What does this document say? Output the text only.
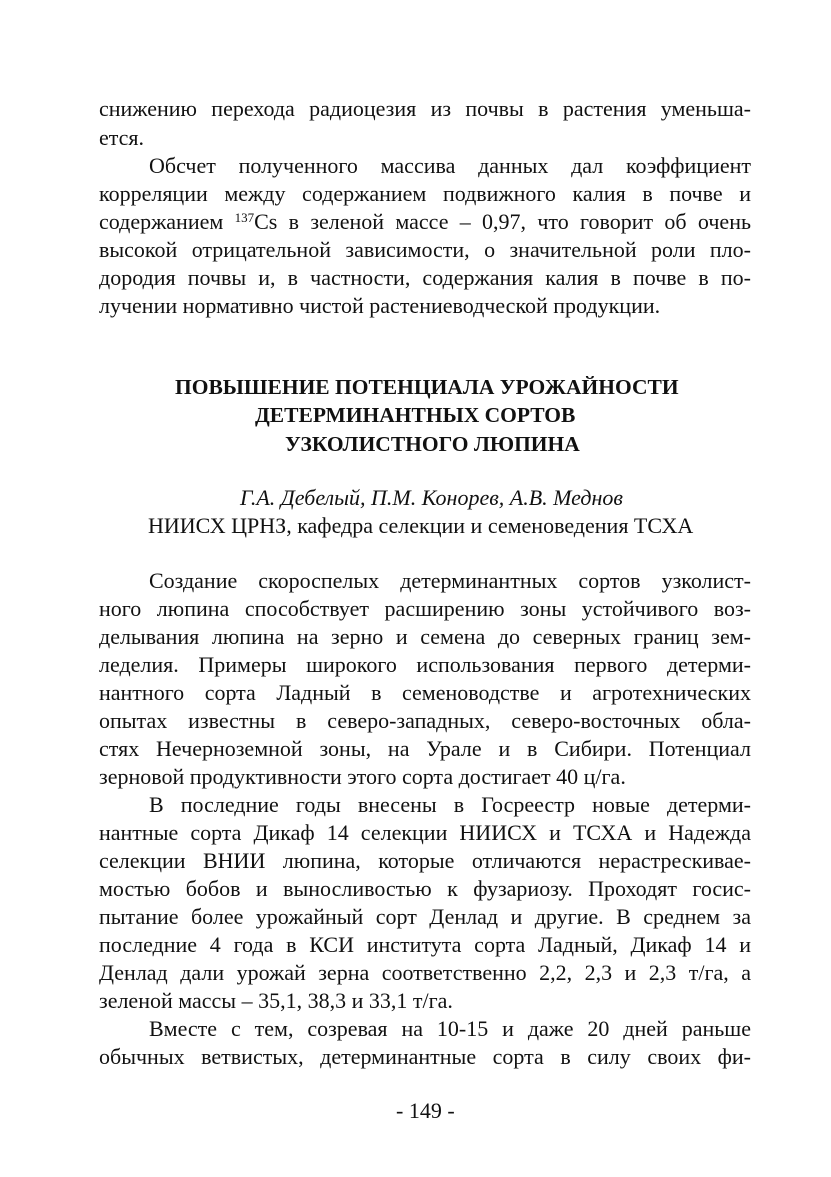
снижению перехода радиоцезия из почвы в растения уменьша-
ется.
Обсчет полученного массива данных дал коэффициент
корреляции между содержанием подвижного калия в почве и
содержанием $^{137}$Cs в зеленой массе – 0,97, что говорит об очень
высокой отрицательной зависимости, о значительной роли пло-
дородия почвы и, в частности, содержания калия в почве в по-
лучении нормативно чистой растениеводческой продукции.
ПОВЫШЕНИЕ ПОТЕНЦИАЛА УРОЖАЙНОСТИ
ДЕТЕРМИНАНТНЫХ СОРТОВ
УЗКОЛИСТНОГО ЛЮПИНА
Г.А. Дебелый, П.М. Конорев, А.В. Меднов
НИИСХ ЦРНЗ, кафедра селекции и семеноведения ТСХА
Создание скороспелых детерминантных сортов узколист-
ного люпина способствует расширению зоны устойчивого воз-
делывания люпина на зерно и семена до северных границ зем-
леделия. Примеры широкого использования первого детерми-
нантного сорта Ладный в семеноводстве и агротехнических
опытах известны в северо-западных, северо-восточных обла-
стях Нечерноземной зоны, на Урале и в Сибири. Потенциал
зерновой продуктивности этого сорта достигает 40 ц/га.
В последние годы внесены в Госреестр новые детерми-
нантные сорта Дикаф 14 селекции НИИСХ и ТСХА и Надежда
селекции ВНИИ люпина, которые отличаются нерастрескивае-
мостью бобов и выносливостью к фузариозу. Проходят госис-
пытание более урожайный сорт Денлад и другие. В среднем за
последние 4 года в КСИ института сорта Ладный, Дикаф 14 и
Денлад дали урожай зерна соответственно 2,2, 2,3 и 2,3 т/га, а
зеленой массы – 35,1, 38,3 и 33,1 т/га.
Вместе с тем, созревая на 10-15 и даже 20 дней раньше
обычных ветвистых, детерминантные сорта в силу своих фи-
- 149 -
